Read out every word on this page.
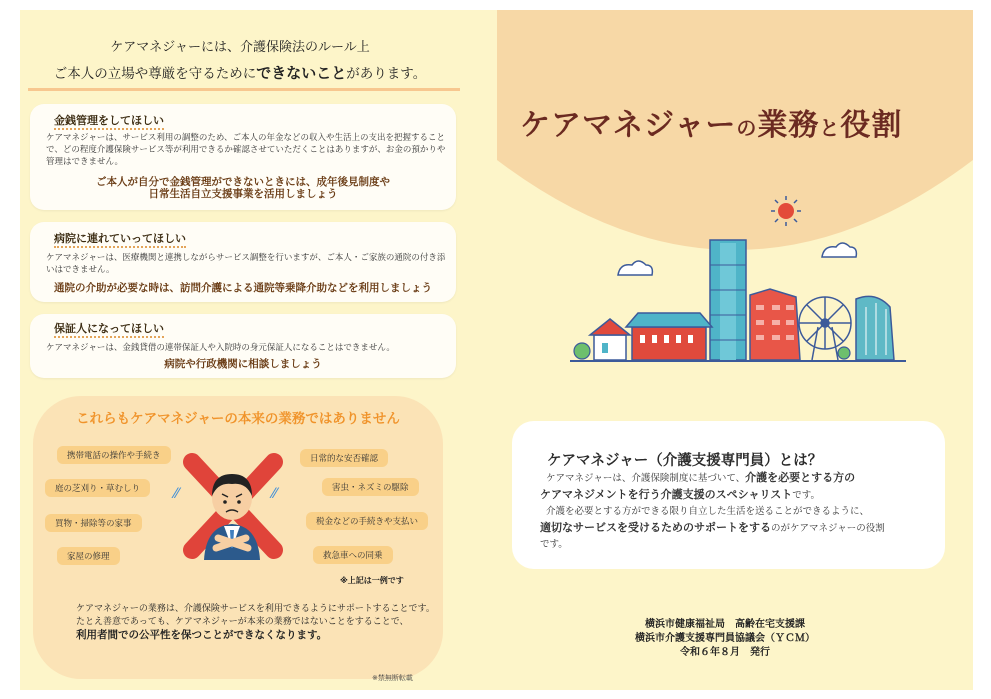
ケアマネジャーには、介護保険法のルール上
ご本人の立場や尊厳を守るためにできないことがあります。
金銭管理をしてほしい
ケアマネジャーは、サービス利用の調整のため、ご本人の年金などの収入や生活上の支出を把握すること で、どの程度介護保険サービス等が利用できるか確認させていただくことはありますが、お金の預かりや管理はできません。
ご本人が自分で金銭管理ができないときには、成年後見制度や
日常生活自立支援事業を活用しましょう
病院に連れていってほしい
ケアマネジャーは、医療機関と連携しながらサービス調整を行いますが、ご本人・ご家族の通院の付き添いはできません。
通院の介助が必要な時は、訪問介護による通院等乗降介助などを利用しましょう
保証人になってほしい
ケアマネジャーは、金銭貸借の連帯保証人や入院時の身元保証人になることはできません。
病院や行政機関に相談しましょう
これらもケアマネジャーの本来の業務ではありません
携帯電話の操作や手続き
庭の芝刈り・草むしり
買物・掃除等の家事
家屋の修理
日常的な安否確認
害虫・ネズミの駆除
税金などの手続きや支払い
救急車への同乗
⁄⁄	⁄⁄
※上記は一例です
ケアマネジャーの業務は、介護保険サービスを利用できるようにサポートすることです。
たとえ善意であっても、ケアマネジャーが本来の業務ではないことをすることで、
利用者間での公平性を保つことができなくなります。
※禁無断転載
ケアマネジャーの業務と役割
ケアマネジャー（介護支援専門員）とは？
ケアマネジャーは、介護保険制度に基づいて、介護を必要とする方の
ケアマネジメントを行う介護支援のスペシャリストです。
介護を必要とする方ができる限り自立した生活を送ることができるように、
適切なサービスを受けるためのサポートをするのがケアマネジャーの役割
です。
横浜市健康福祉局　高齢在宅支援課
横浜市介護支援専門員協議会（ＹＣＭ）
令和６年８月　発行
